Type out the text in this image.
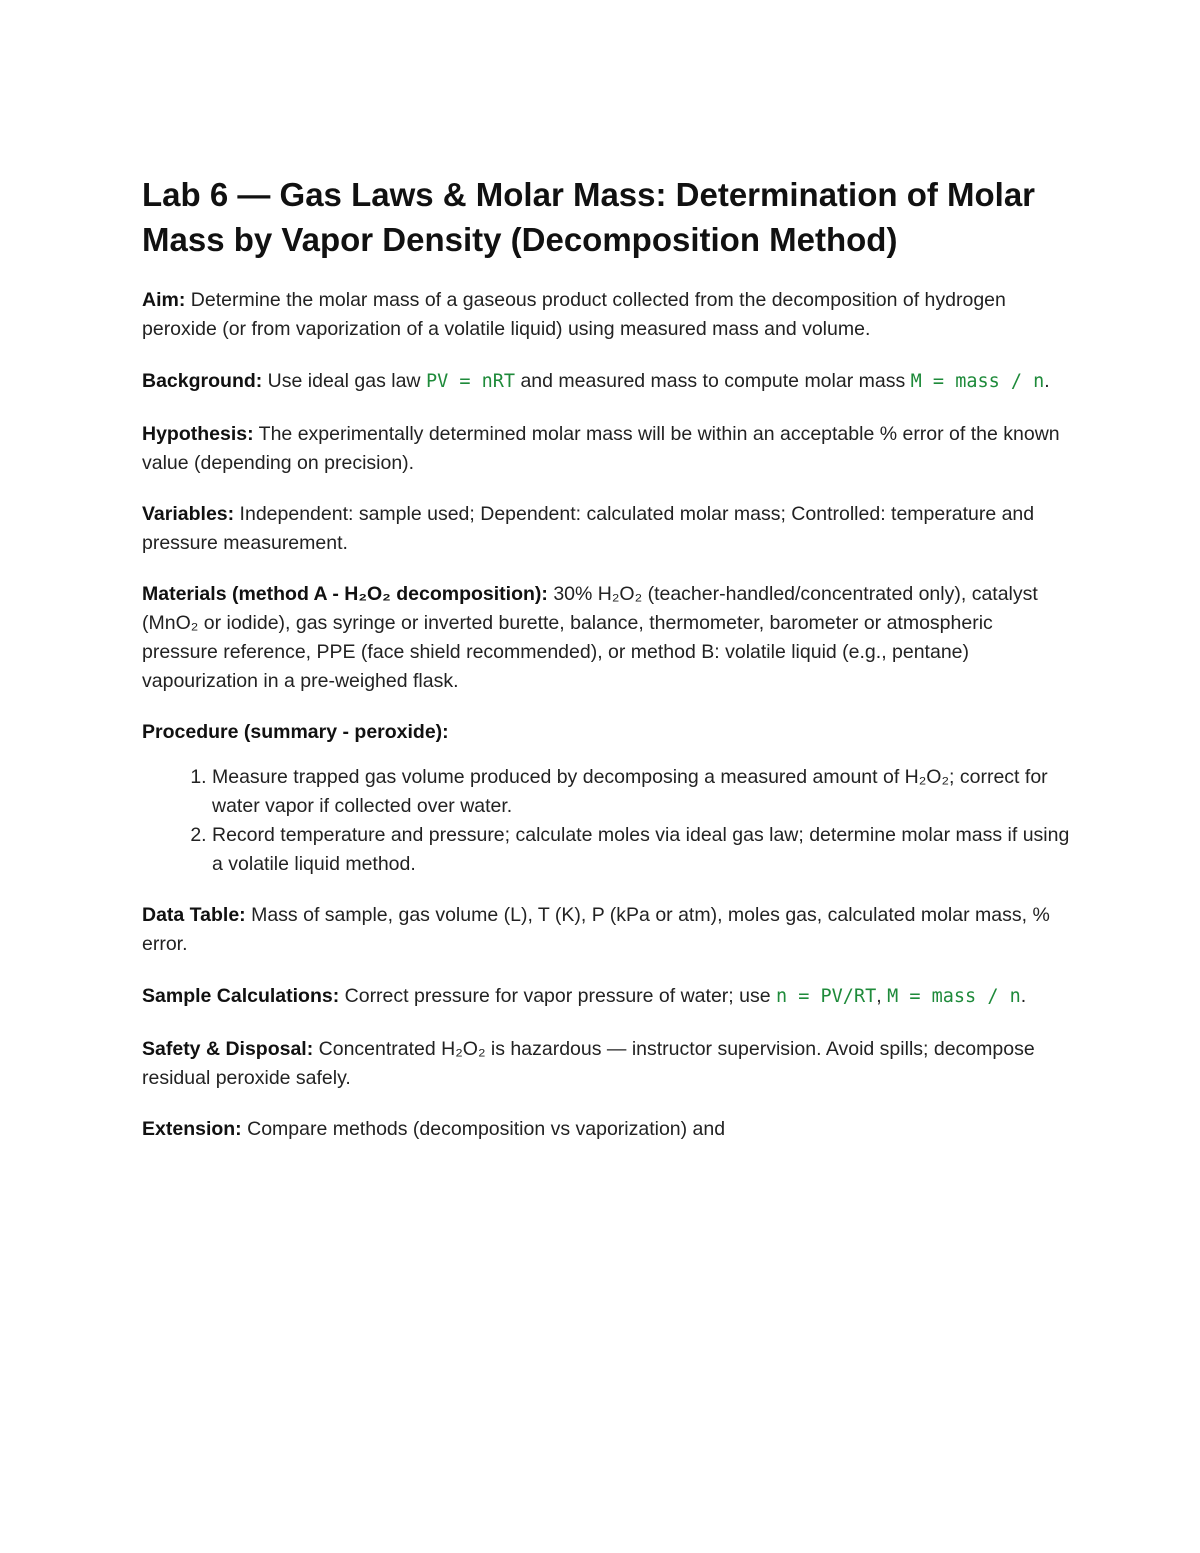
Lab 6 — Gas Laws & Molar Mass: Determination of Molar Mass by Vapor Density (Decomposition Method)

Aim: Determine the molar mass of a gaseous product collected from the decomposition of hydrogen peroxide (or from vaporization of a volatile liquid) using measured mass and volume.

Background: Use ideal gas law PV = nRT and measured mass to compute molar mass M = mass / n.

Hypothesis: The experimentally determined molar mass will be within an acceptable % error of the known value (depending on precision).

Variables: Independent: sample used; Dependent: calculated molar mass; Controlled: temperature and pressure measurement.

Materials (method A - H₂O₂ decomposition): 30% H₂O₂ (teacher-handled/concentrated only), catalyst (MnO₂ or iodide), gas syringe or inverted burette, balance, thermometer, barometer or atmospheric pressure reference, PPE (face shield recommended), or method B: volatile liquid (e.g., pentane) vapourization in a pre-weighed flask.

Procedure (summary - peroxide):

1. Measure trapped gas volume produced by decomposing a measured amount of H₂O₂; correct for water vapor if collected over water.
2. Record temperature and pressure; calculate moles via ideal gas law; determine molar mass if using a volatile liquid method.

Data Table: Mass of sample, gas volume (L), T (K), P (kPa or atm), moles gas, calculated molar mass, % error.

Sample Calculations: Correct pressure for vapor pressure of water; use n = PV/RT, M = mass / n.

Safety & Disposal: Concentrated H₂O₂ is hazardous — instructor supervision. Avoid spills; decompose residual peroxide safely.

Extension: Compare methods (decomposition vs vaporization) and
